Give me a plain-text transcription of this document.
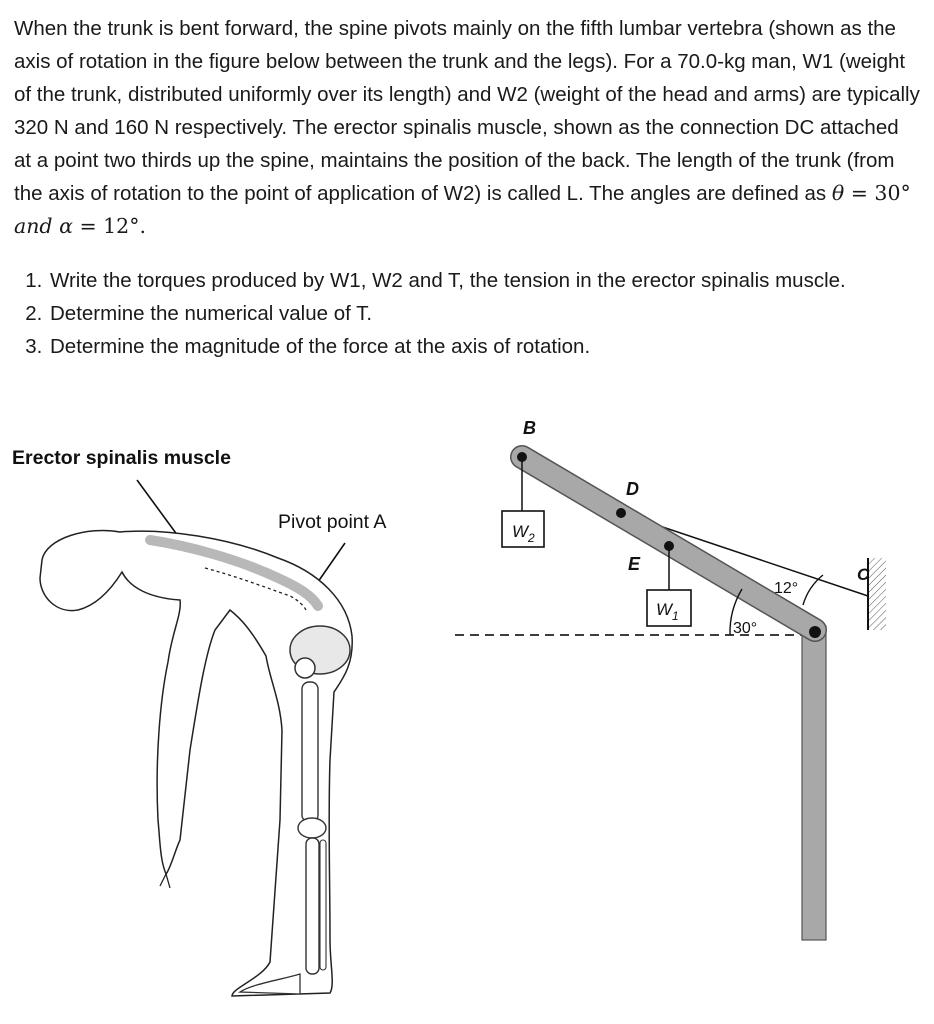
When the trunk is bent forward, the spine pivots mainly on the fifth lumbar vertebra (shown as the axis of rotation in the figure below between the trunk and the legs). For a 70.0-kg man, W1 (weight of the trunk, distributed uniformly over its length) and W2 (weight of the head and arms) are typically 320 N and 160 N respectively. The erector spinalis muscle, shown as the connection DC attached at a point two thirds up the spine, maintains the position of the back. The length of the trunk (from the axis of rotation to the point of application of W2) is called L. The angles are defined as θ = 30° and α = 12°.

1. Write the torques produced by W1, W2 and T, the tension in the erector spinalis muscle.
2. Determine the numerical value of T.
3. Determine the magnitude of the force at the axis of rotation.
Erector spinalis muscle
Pivot point A	$W_2$
$W_1$
B
D
E
C
30°
12°
